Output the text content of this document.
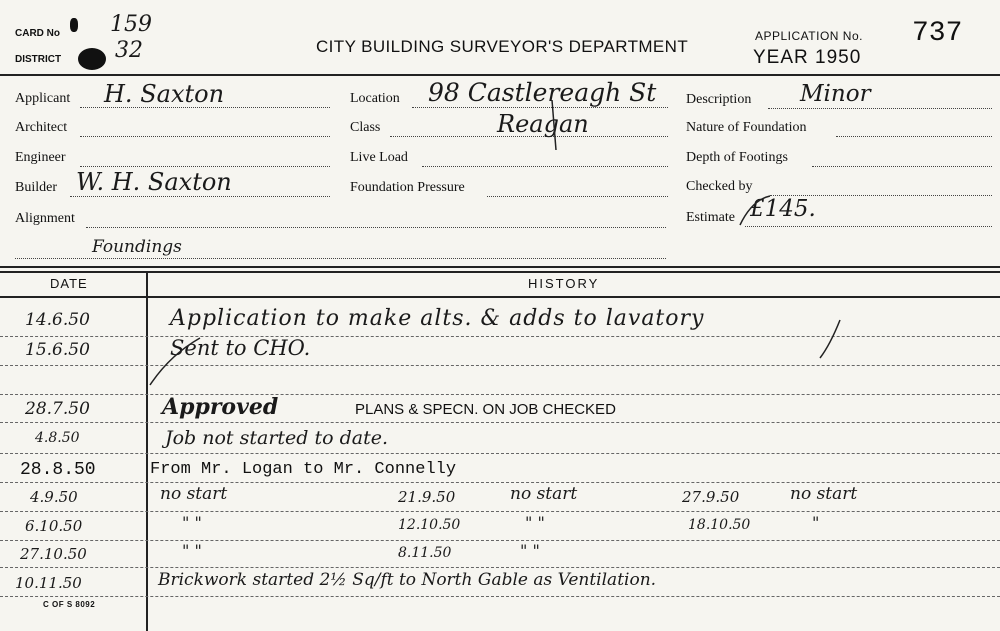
CARD No 159
DISTRICT 32	CITY BUILDING SURVEYOR'S DEPARTMENT
APPLICATION No. 737
YEAR 1950
Applicant H. Saxton
Architect
Engineer
Builder W. H. Saxton
Alignment
Foundings
Location 98 Castlereagh St
Class	Reagan
Live Load
Foundation Pressure
Description Minor
Nature of Foundation
Depth of Footings
Checked by
Estimate £145.
DATE	HISTORY
14.6.50	Application to make alts. & adds to lavatory
15.6.50	Sent to CHO.
28.7.50	Approved	PLANS & SPECN. ON JOB CHECKED
4.8.50	Job not started to date.
28.8.50	From Mr. Logan to Mr. Connelly
4.9.50	no start	21.9.50	no start	27.9.50	no start
6.10.50	" "	12.10.50	" "	18.10.50	"
27.10.50	" "	8.11.50	" "
10.11.50	Brickwork started 2½ Sq/ft to North Gable as Ventilation.
C OF S 8092
